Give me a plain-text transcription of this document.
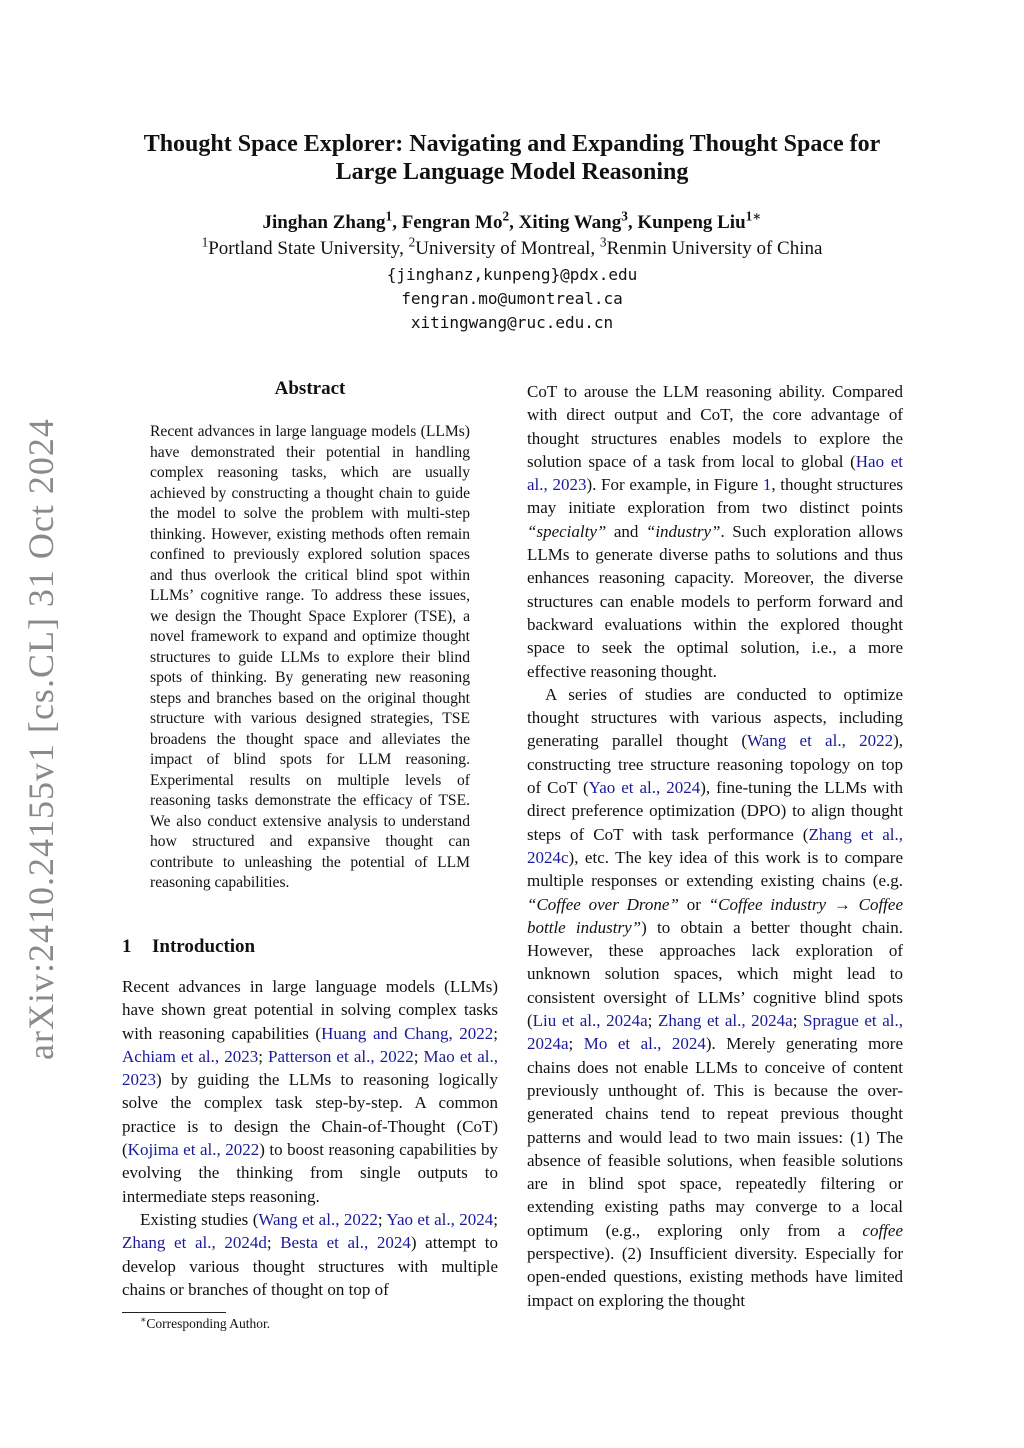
arXiv:2410.24155v1 [cs.CL] 31 Oct 2024
Thought Space Explorer: Navigating and Expanding Thought Space for
Large Language Model Reasoning
Jinghan Zhang$^1$, Fengran Mo$^2$, Xiting Wang$^3$, Kunpeng Liu$^{1∗}$
$^1$Portland State University, $^2$University of Montreal, $^3$Renmin University of China
{jinghanz,kunpeng}@pdx.edu
fengran.mo@umontreal.ca
xitingwang@ruc.edu.cn
Abstract
Recent advances in large language models (LLMs) have demonstrated their potential in handling complex reasoning tasks, which are usually achieved by constructing a thought chain to guide the model to solve the problem with multi-step thinking. However, existing methods often remain confined to previously explored solution spaces and thus overlook the critical blind spot within LLMs’ cognitive range. To address these issues, we design the Thought Space Explorer (TSE), a novel framework to expand and optimize thought structures to guide LLMs to explore their blind spots of thinking. By generating new reasoning steps and branches based on the original thought structure with various designed strategies, TSE broadens the thought space and alleviates the impact of blind spots for LLM reasoning. Experimental results on multiple levels of reasoning tasks demonstrate the efficacy of TSE. We also conduct extensive analysis to understand how structured and expansive thought can contribute to unleashing the potential of LLM reasoning capabilities.
1 Introduction

Recent advances in large language models (LLMs) have shown great potential in solving complex tasks with reasoning capabilities (Huang and Chang, 2022; Achiam et al., 2023; Patterson et al., 2022; Mao et al., 2023) by guiding the LLMs to reasoning logically solve the complex task step-by-step. A common practice is to design the Chain-of-Thought (CoT) (Kojima et al., 2022) to boost reasoning capabilities by evolving the thinking from single outputs to intermediate steps reasoning.

Existing studies (Wang et al., 2022; Yao et al., 2024; Zhang et al., 2024d; Besta et al., 2024) attempt to develop various thought structures with multiple chains or branches of thought on top of

CoT to arouse the LLM reasoning ability. Compared with direct output and CoT, the core advantage of thought structures enables models to explore the solution space of a task from local to global (Hao et al., 2023). For example, in Figure 1, thought structures may initiate exploration from two distinct points “specialty” and “industry”. Such exploration allows LLMs to generate diverse paths to solutions and thus enhances reasoning capacity. Moreover, the diverse structures can enable models to perform forward and backward evaluations within the explored thought space to seek the optimal solution, i.e., a more effective reasoning thought.

A series of studies are conducted to optimize thought structures with various aspects, including generating parallel thought (Wang et al., 2022), constructing tree structure reasoning topology on top of CoT (Yao et al., 2024), fine-tuning the LLMs with direct preference optimization (DPO) to align thought steps of CoT with task performance (Zhang et al., 2024c), etc. The key idea of this work is to compare multiple responses or extending existing chains (e.g. “Coffee over Drone” or “Coffee industry → Coffee bottle industry”) to obtain a better thought chain. However, these approaches lack exploration of unknown solution spaces, which might lead to consistent oversight of LLMs’ cognitive blind spots (Liu et al., 2024a; Zhang et al., 2024a; Sprague et al., 2024a; Mo et al., 2024). Merely generating more chains does not enable LLMs to conceive of content previously unthought of. This is because the over-generated chains tend to repeat previous thought patterns and would lead to two main issues: (1) The absence of feasible solutions, when feasible solutions are in blind spot space, repeatedly filtering or extending existing paths may converge to a local optimum (e.g., exploring only from a coffee perspective). (2) Insufficient diversity. Especially for open-ended questions, existing methods have limited impact on exploring the thought

∗Corresponding Author.
